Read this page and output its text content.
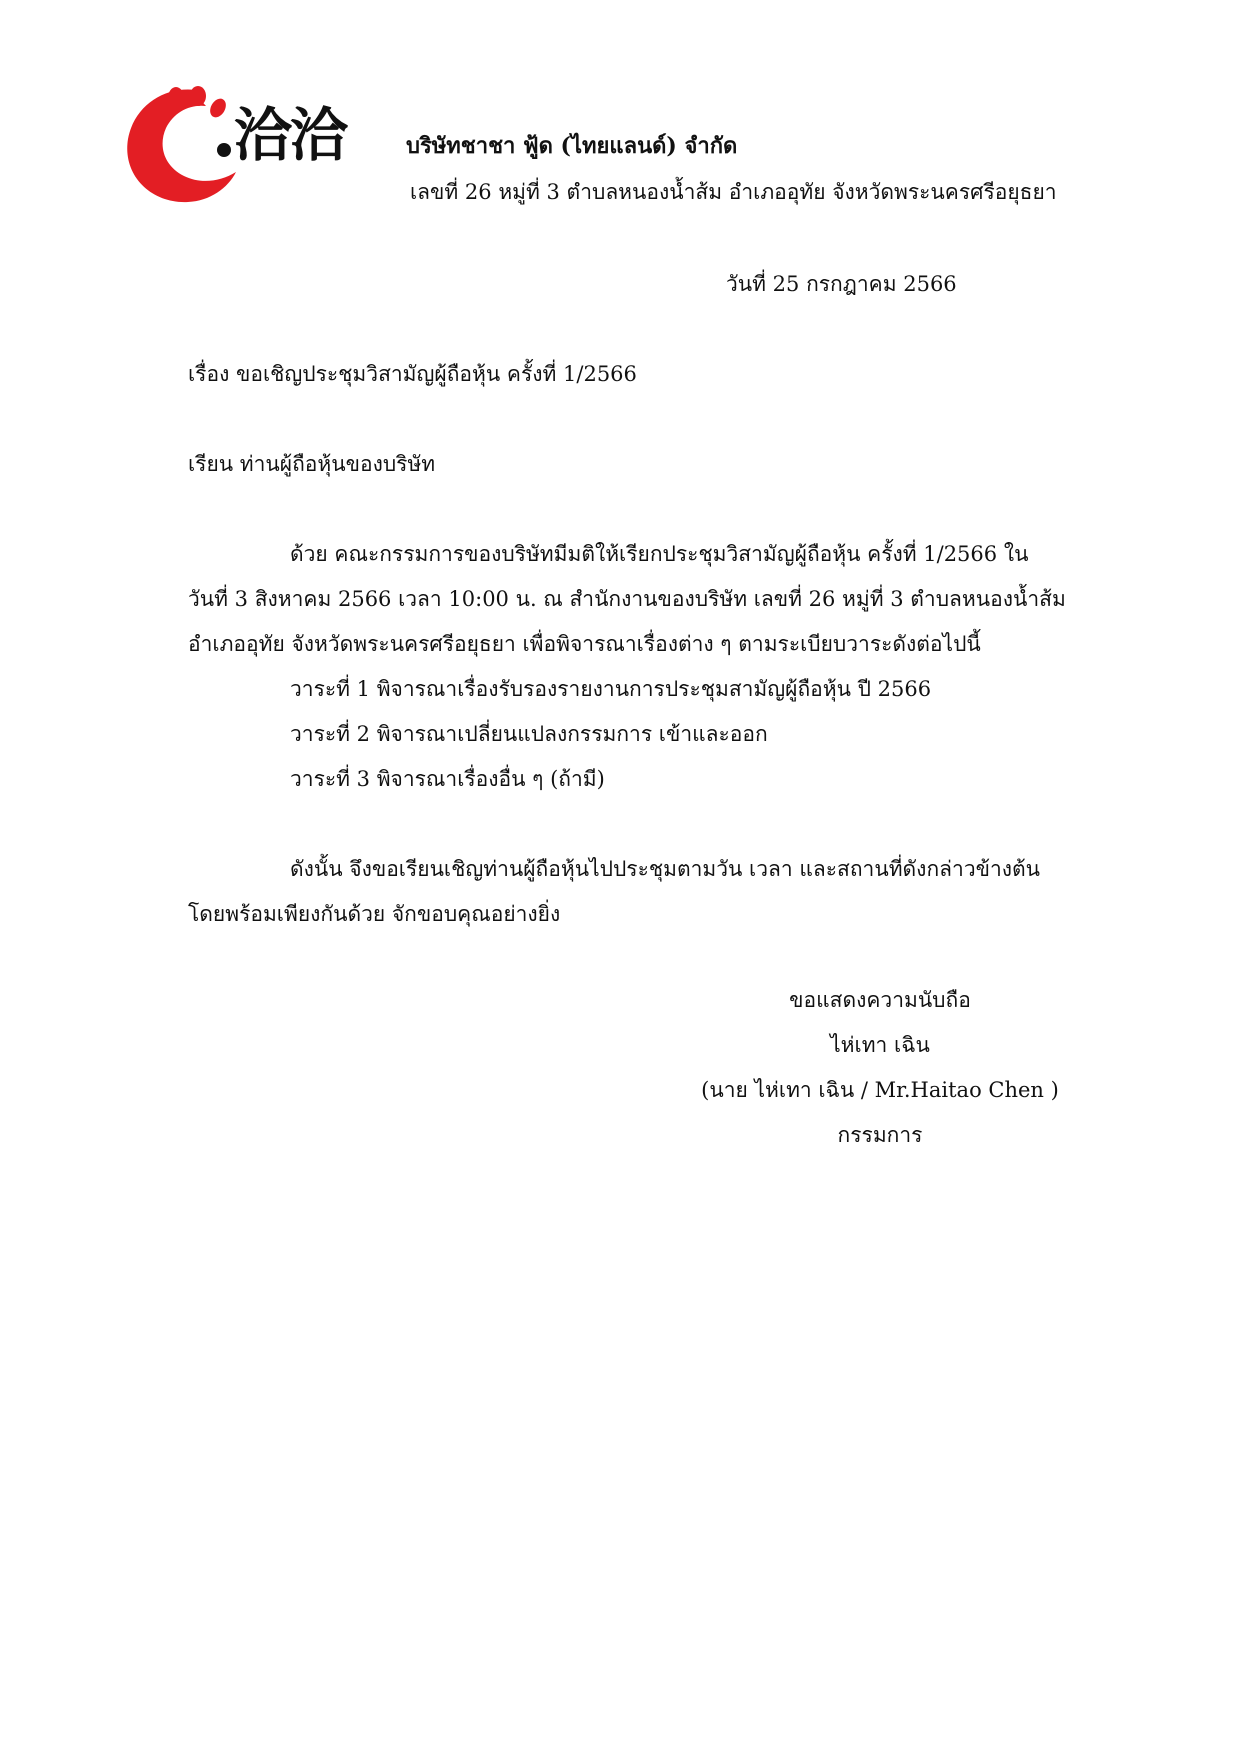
洽洽	บริษัทชาชา ฟู้ด (ไทยแลนด์) จำกัด
เลขที่ 26 หมู่ที่ 3 ตำบลหนองน้ำส้ม อำเภออุทัย จังหวัดพระนครศรีอยุธยา
วันที่ 25 กรกฎาคม 2566
เรื่อง ขอเชิญประชุมวิสามัญผู้ถือหุ้น ครั้งที่ 1/2566
เรียน ท่านผู้ถือหุ้นของบริษัท
ด้วย คณะกรรมการของบริษัทมีมติให้เรียกประชุมวิสามัญผู้ถือหุ้น ครั้งที่ 1/2566 ใน
วันที่ 3 สิงหาคม 2566 เวลา 10:00 น. ณ สำนักงานของบริษัท เลขที่ 26 หมู่ที่ 3 ตำบลหนองน้ำส้ม
อำเภออุทัย จังหวัดพระนครศรีอยุธยา เพื่อพิจารณาเรื่องต่าง ๆ ตามระเบียบวาระดังต่อไปนี้
วาระที่ 1 พิจารณาเรื่องรับรองรายงานการประชุมสามัญผู้ถือหุ้น ปี 2566
วาระที่ 2 พิจารณาเปลี่ยนแปลงกรรมการ เข้าและออก
วาระที่ 3 พิจารณาเรื่องอื่น ๆ (ถ้ามี)
ดังนั้น จึงขอเรียนเชิญท่านผู้ถือหุ้นไปประชุมตามวัน เวลา และสถานที่ดังกล่าวข้างต้น
โดยพร้อมเพียงกันด้วย จักขอบคุณอย่างยิ่ง
ขอแสดงความนับถือ
ไห่เทา เฉิน
(นาย ไห่เทา เฉิน / Mr.Haitao Chen )
กรรมการ
